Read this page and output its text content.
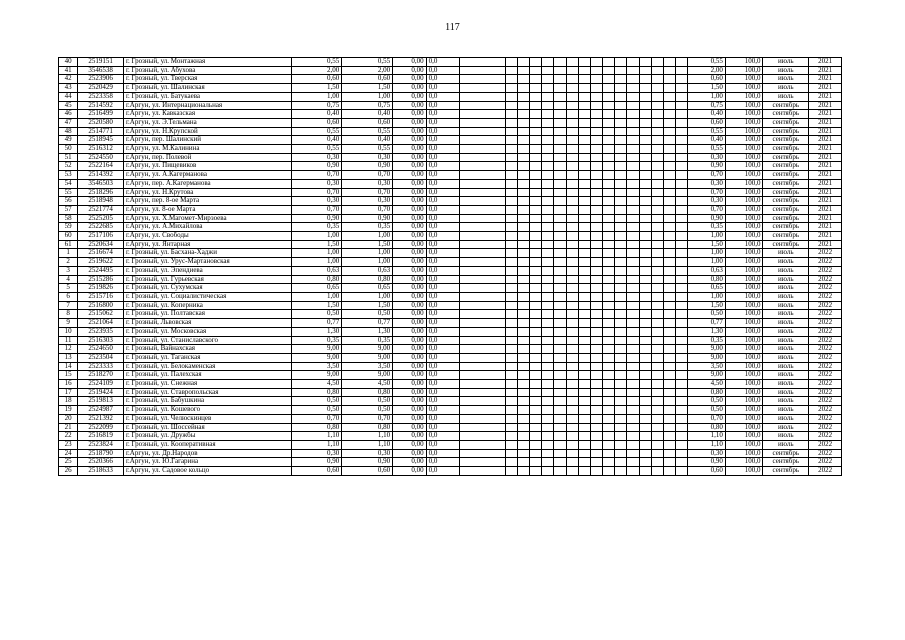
117
40	2519151	г. Грозный, ул. Монтажная	0,55	0,55	0,00	0,0																	0,55	100,0	июль	2021
41	3546538	г. Грозный, ул. Абухова	2,00	2,00	0,00	0,0																	2,00	100,0	июль	2021
42	2523906	г. Грозный, ул. Тверская	0,60	0,60	0,00	0,0																	0,60	100,0	июль	2021
43	2520429	г. Грозный, ул. Шалинская	1,50	1,50	0,00	0,0																	1,50	100,0	июль	2021
44	2523358	г. Грозный, ул. Батукаева	1,00	1,00	0,00	0,0																	1,00	100,0	июль	2021
45	2514592	г.Аргун, ул. Интернациональная	0,75	0,75	0,00	0,0																	0,75	100,0	сентябрь	2021
46	2516499	г.Аргун, ул. Кавказская	0,40	0,40	0,00	0,0																	0,40	100,0	сентябрь	2021
47	2520580	г.Аргун, ул. Э.Тельмана	0,60	0,60	0,00	0,0																	0,60	100,0	сентябрь	2021
48	2514771	г.Аргун, ул. Н.Крупской	0,55	0,55	0,00	0,0																	0,55	100,0	сентябрь	2021
49	2518945	г.Аргун, пер. Шалинский	0,40	0,40	0,00	0,0																	0,40	100,0	сентябрь	2021
50	2516312	г.Аргун, ул. М.Калинина	0,55	0,55	0,00	0,0																	0,55	100,0	сентябрь	2021
51	2524550	г.Аргун, пер. Полевой	0,30	0,30	0,00	0,0																	0,30	100,0	сентябрь	2021
52	2522164	г.Аргун, ул. Пищевиков	0,90	0,90	0,00	0,0																	0,90	100,0	сентябрь	2021
53	2514392	г.Аргун, ул. А.Кагерманова	0,70	0,70	0,00	0,0																	0,70	100,0	сентябрь	2021
54	3546503	г.Аргун, пер. А.Кагерманова	0,30	0,30	0,00	0,0																	0,30	100,0	сентябрь	2021
55	2518296	г.Аргун, ул. Н.Крутова	0,70	0,70	0,00	0,0																	0,70	100,0	сентябрь	2021
56	2518948	г.Аргун, пер. 8-ое Марта	0,30	0,30	0,00	0,0																	0,30	100,0	сентябрь	2021
57	2521774	г.Аргун, ул. 8-ое Марта	0,70	0,70	0,00	0,0																	0,70	100,0	сентябрь	2021
58	2525205	г.Аргун, ул. Х.Магомет-Мирзоева	0,90	0,90	0,00	0,0																	0,90	100,0	сентябрь	2021
59	2522685	г.Аргун, ул. А.Михайлова	0,35	0,35	0,00	0,0																	0,35	100,0	сентябрь	2021
60	2517106	г.Аргун, ул. Свободы	1,00	1,00	0,00	0,0																	1,00	100,0	сентябрь	2021
61	2520634	г.Аргун, ул. Янтарная	1,50	1,50	0,00	0,0																	1,50	100,0	сентябрь	2021
1	2516674	г. Грозный, ул. Басхана-Хаджи	1,00	1,00	0,00	0,0																	1,00	100,0	июль	2022
2	2519622	г. Грозный, ул. Урус-Мартановская	1,00	1,00	0,00	0,0																	1,00	100,0	июль	2022
3	2524495	г. Грозный, ул. Эпендиева	0,63	0,63	0,00	0,0																	0,63	100,0	июль	2022
4	2515286	г. Грозный, ул. Гурьевская	0,80	0,80	0,00	0,0																	0,80	100,0	июль	2022
5	2519826	г. Грозный, ул. Сухумская	0,65	0,65	0,00	0,0																	0,65	100,0	июль	2022
6	2515716	г. Грозный, ул. Социалистическая	1,00	1,00	0,00	0,0																	1,00	100,0	июль	2022
7	2516800	г. Грозный, ул. Коперника	1,50	1,50	0,00	0,0																	1,50	100,0	июль	2022
8	2515062	г. Грозный, ул. Полтавская	0,50	0,50	0,00	0,0																	0,50	100,0	июль	2022
9	2521064	г. Грозный, Львовская	0,77	0,77	0,00	0,0																	0,77	100,0	июль	2022
10	2523935	г. Грозный, ул. Московская	1,30	1,30	0,00	0,0																	1,30	100,0	июль	2022
11	2516303	г. Грозный, ул. Станиславского	0,35	0,35	0,00	0,0																	0,35	100,0	июль	2022
12	2524650	г. Грозный, Вайнахская	9,00	9,00	0,00	0,0																	9,00	100,0	июль	2022
13	2523504	г. Грозный, ул. Таганская	9,00	9,00	0,00	0,0																	9,00	100,0	июль	2022
14	2523333	г. Грозный, ул. Белокаменская	3,50	3,50	0,00	0,0																	3,50	100,0	июль	2022
15	2518270	г. Грозный, ул. Палехская	9,00	9,00	0,00	0,0																	9,00	100,0	июль	2022
16	2524109	г. Грозный, ул. Снежная	4,50	4,50	0,00	0,0																	4,50	100,0	июль	2022
17	2519424	г. Грозный, ул. Ставропольская	0,80	0,80	0,00	0,0																	0,80	100,0	июль	2022
18	2519813	г. Грозный, ул. Бабушкина	0,50	0,50	0,00	0,0																	0,50	100,0	июль	2022
19	2524987	г. Грозный, ул. Кошевого	0,50	0,50	0,00	0,0																	0,50	100,0	июль	2022
20	2521392	г. Грозный, ул. Челюскинцев	0,70	0,70	0,00	0,0																	0,70	100,0	июль	2022
21	2522099	г. Грозный, ул. Шоссейная	0,80	0,80	0,00	0,0																	0,80	100,0	июль	2022
22	2516819	г. Грозный, ул. Дружбы	1,10	1,10	0,00	0,0																	1,10	100,0	июль	2022
23	2523824	г. Грозный, ул. Кооперативная	1,10	1,10	0,00	0,0																	1,10	100,0	июль	2022
24	2518790	г.Аргун, ул. Др.Народов	0,30	0,30	0,00	0,0																	0,30	100,0	сентябрь	2022
25	2520366	г.Аргун, ул. Ю.Гагарина	0,90	0,90	0,00	0,0																	0,90	100,0	сентябрь	2022
26	2518633	г.Аргун, ул. Садовое кольцо	0,60	0,60	0,00	0,0																	0,60	100,0	сентябрь	2022
